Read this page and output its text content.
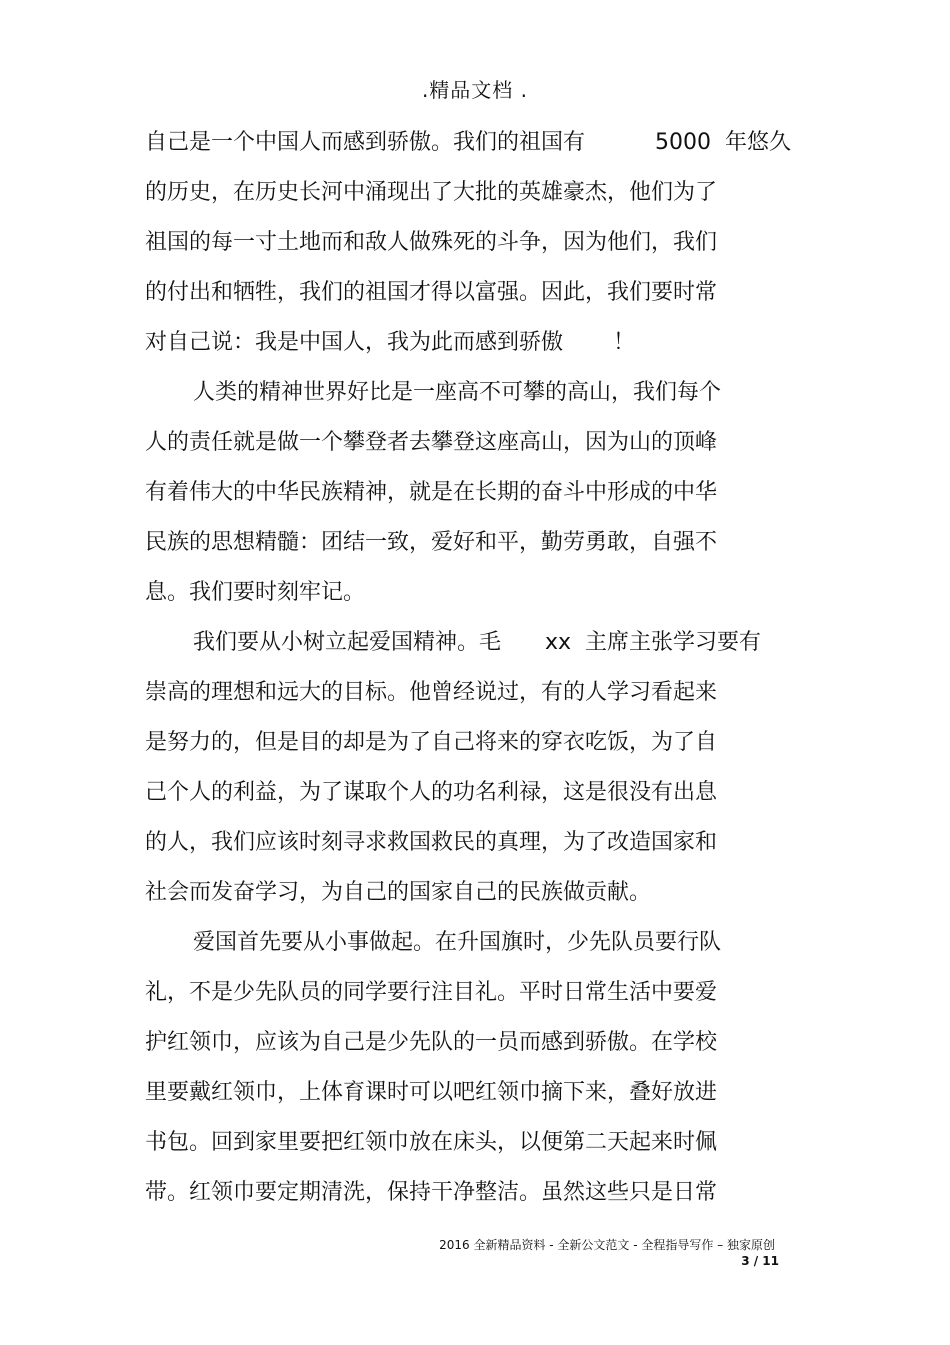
.精品文档 .
自己是一个中国人而感到骄傲。我们的祖国有	5000  年悠久
的历史，在历史长河中涌现出了大批的英雄豪杰，他们为了
祖国的每一寸土地而和敌人做殊死的斗争，因为他们，我们
的付出和牺牲，我们的祖国才得以富强。因此，我们要时常
对自己说：我是中国人，我为此而感到骄傲 ！
人类的精神世界好比是一座高不可攀的高山，我们每个
人的责任就是做一个攀登者去攀登这座高山，因为山的顶峰
有着伟大的中华民族精神，就是在长期的奋斗中形成的中华
民族的思想精髓：团结一致，爱好和平，勤劳勇敢，自强不
息。我们要时刻牢记。
我们要从小树立起爱国精神。毛 xx  主席主张学习要有
崇高的理想和远大的目标。他曾经说过，有的人学习看起来
是努力的，但是目的却是为了自己将来的穿衣吃饭，为了自
己个人的利益，为了谋取个人的功名利禄，这是很没有出息
的人，我们应该时刻寻求救国救民的真理，为了改造国家和
社会而发奋学习，为自己的国家自己的民族做贡献。
爱国首先要从小事做起。在升国旗时，少先队员要行队
礼，不是少先队员的同学要行注目礼。平时日常生活中要爱
护红领巾，应该为自己是少先队的一员而感到骄傲。在学校
里要戴红领巾，上体育课时可以吧红领巾摘下来，叠好放进
书包。回到家里要把红领巾放在床头，以便第二天起来时佩
带。红领巾要定期清洗，保持干净整洁。虽然这些只是日常
2016 全新精品资料 - 全新公文范文 - 全程指导写作 – 独家原创
3 / 11
